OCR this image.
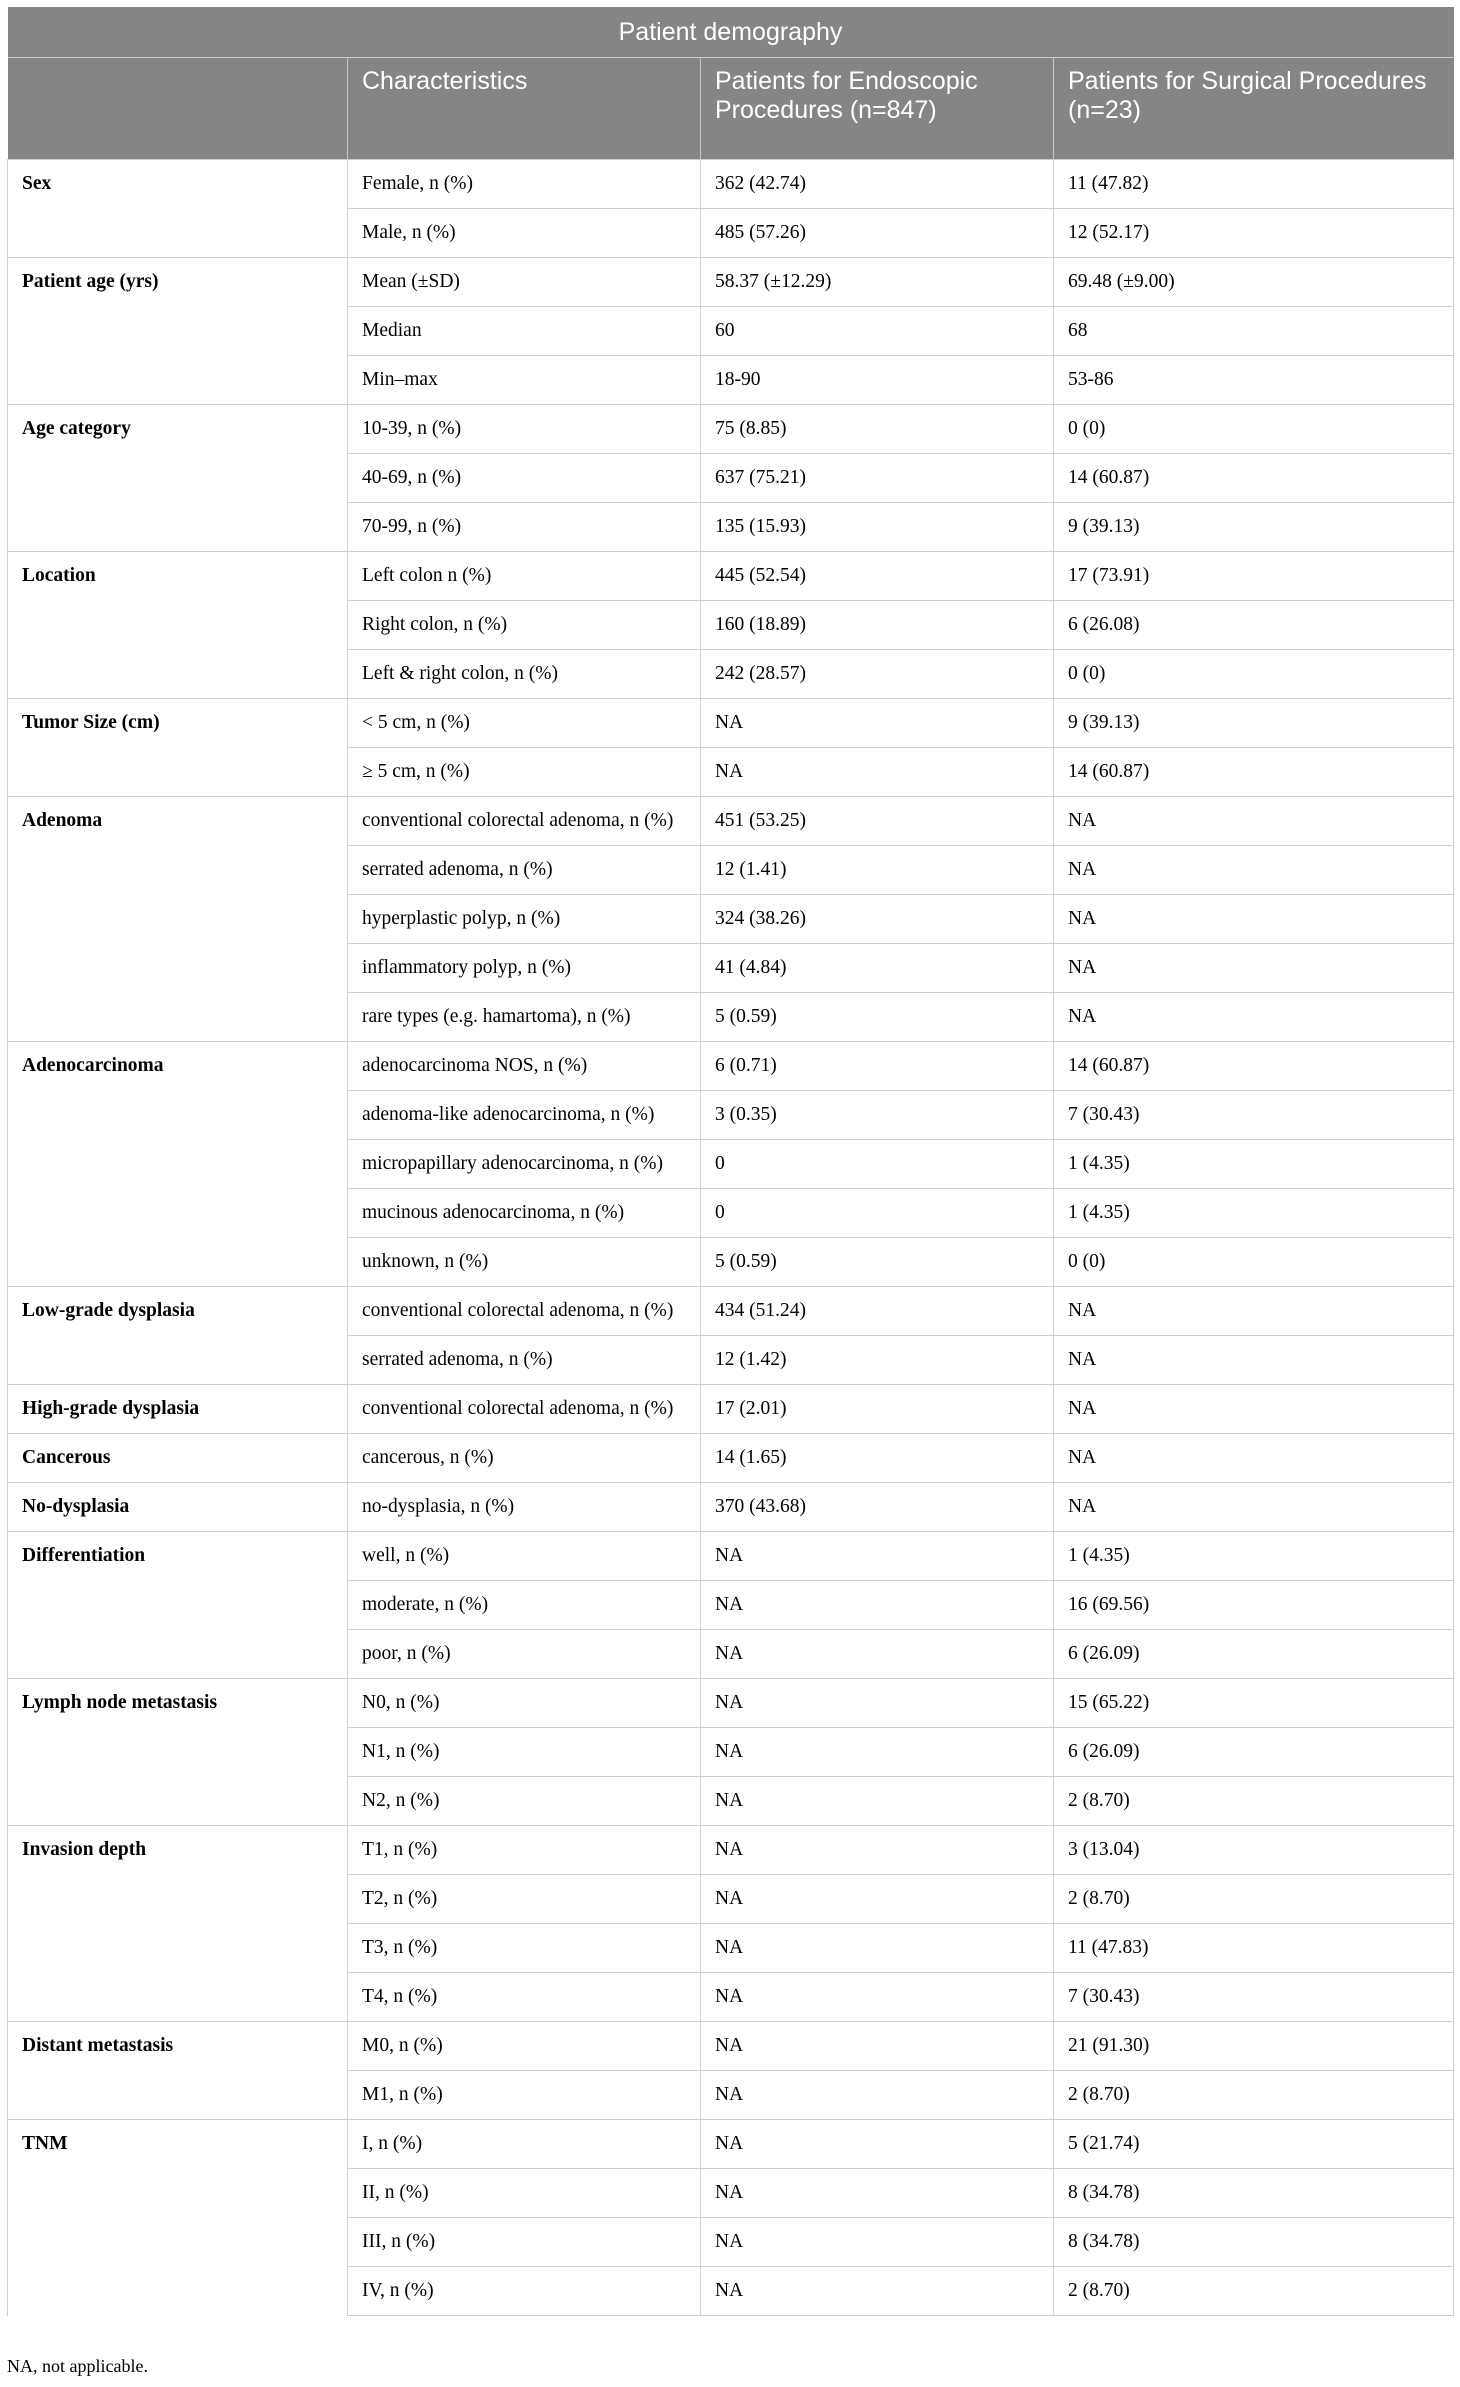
Patient demography			
	Characteristics	Patients for Endoscopic Procedures (n=847)	Patients for Surgical Procedures (n=23)
Sex	Female, n (%)	362 (42.74)	11 (47.82)
	Male, n (%)	485 (57.26)	12 (52.17)
Patient age (yrs)	Mean (±SD)	58.37 (±12.29)	69.48 (±9.00)
	Median	60	68
	Min–max	18-90	53-86
Age category	10-39, n (%)	75 (8.85)	0 (0)
	40-69, n (%)	637 (75.21)	14 (60.87)
	70-99, n (%)	135 (15.93)	9 (39.13)
Location	Left colon n (%)	445 (52.54)	17 (73.91)
	Right colon, n (%)	160 (18.89)	6 (26.08)
	Left & right colon, n (%)	242 (28.57)	0 (0)
Tumor Size (cm)	< 5 cm, n (%)	NA	9 (39.13)
	≥ 5 cm, n (%)	NA	14 (60.87)
Adenoma	conventional colorectal adenoma, n (%)	451 (53.25)	NA
	serrated adenoma, n (%)	12 (1.41)	NA
	hyperplastic polyp, n (%)	324 (38.26)	NA
	inflammatory polyp, n (%)	41 (4.84)	NA
	rare types (e.g. hamartoma), n (%)	5 (0.59)	NA
Adenocarcinoma	adenocarcinoma NOS, n (%)	6 (0.71)	14 (60.87)
	adenoma-like adenocarcinoma, n (%)	3 (0.35)	7 (30.43)
	micropapillary adenocarcinoma, n (%)	0	1 (4.35)
	mucinous adenocarcinoma, n (%)	0	1 (4.35)
	unknown, n (%)	5 (0.59)	0 (0)
Low-grade dysplasia	conventional colorectal adenoma, n (%)	434 (51.24)	NA
	serrated adenoma, n (%)	12 (1.42)	NA
High-grade dysplasia	conventional colorectal adenoma, n (%)	17 (2.01)	NA
Cancerous	cancerous, n (%)	14 (1.65)	NA
No-dysplasia	no-dysplasia, n (%)	370 (43.68)	NA
Differentiation	well, n (%)	NA	1 (4.35)
	moderate, n (%)	NA	16 (69.56)
	poor, n (%)	NA	6 (26.09)
Lymph node metastasis	N0, n (%)	NA	15 (65.22)
	N1, n (%)	NA	6 (26.09)
	N2, n (%)	NA	2 (8.70)
Invasion depth	T1, n (%)	NA	3 (13.04)
	T2, n (%)	NA	2 (8.70)
	T3, n (%)	NA	11 (47.83)
	T4, n (%)	NA	7 (30.43)
Distant metastasis	M0, n (%)	NA	21 (91.30)
	M1, n (%)	NA	2 (8.70)
TNM	I, n (%)	NA	5 (21.74)
	II, n (%)	NA	8 (34.78)
	III, n (%)	NA	8 (34.78)
	IV, n (%)	NA	2 (8.70)
NA, not applicable.
